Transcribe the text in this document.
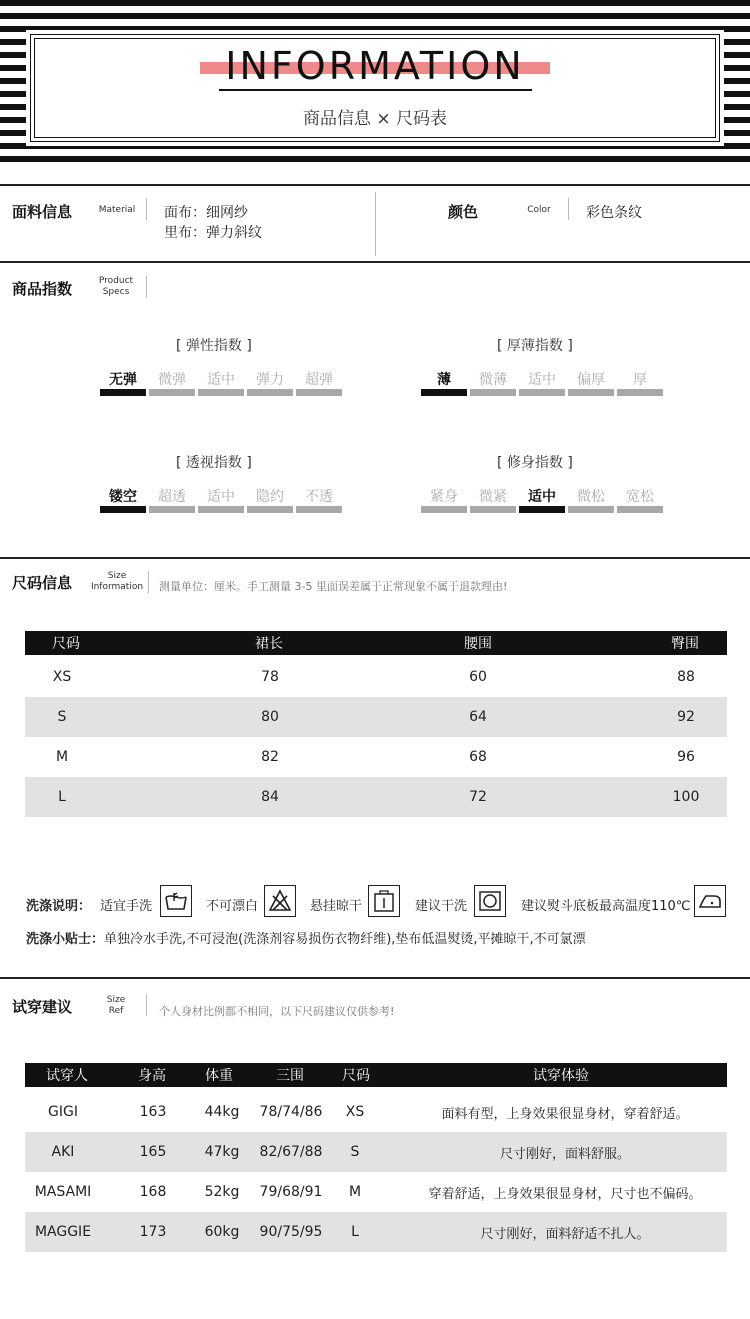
INFORMATION
商品信息 × 尺码表
面料信息	Material	面布：细网纱
里布：弹力斜纹
颜色	Color	彩色条纹
商品指数	Product
Specs
[ 弹性指数 ]
无弹	微弹	适中	弹力	超弹
[ 厚薄指数 ]
薄	微薄	适中	偏厚	厚
[ 透视指数 ]
镂空	超透	适中	隐约	不透
[ 修身指数 ]
紧身	微紧	适中	微松	宽松
尺码信息	Size
Information 测量单位：厘米。手工测量 3-5 里面误差属于正常现象不属于退款理由!
尺码	裙长	腰围	臀围
XS	78	60	88
S	80	64	92
M	82	68	96
L	84	72	100
洗涤说明： 适宜手洗	不可漂白	悬挂晾干	建议干洗	建议熨斗底板最高温度110℃
洗涤小贴士： 单独冷水手洗,不可浸泡(洗涤剂容易损伤衣物纤维),垫布低温熨烫,平摊晾干,不可氯漂
试穿建议	Size
Ref	个人身材比例都不相同，以下尺码建议仅供参考!
试穿人	身高	体重	三围	尺码	试穿体验
GIGI	163	44kg	78/74/86	XS	面料有型，上身效果很显身材，穿着舒适。
AKI	165	47kg	82/67/88	S	尺寸刚好，面料舒服。
MASAMI	168	52kg	79/68/91	M	穿着舒适，上身效果很显身材，尺寸也不偏码。
MAGGIE	173	60kg	90/75/95	L	尺寸刚好，面料舒适不扎人。
